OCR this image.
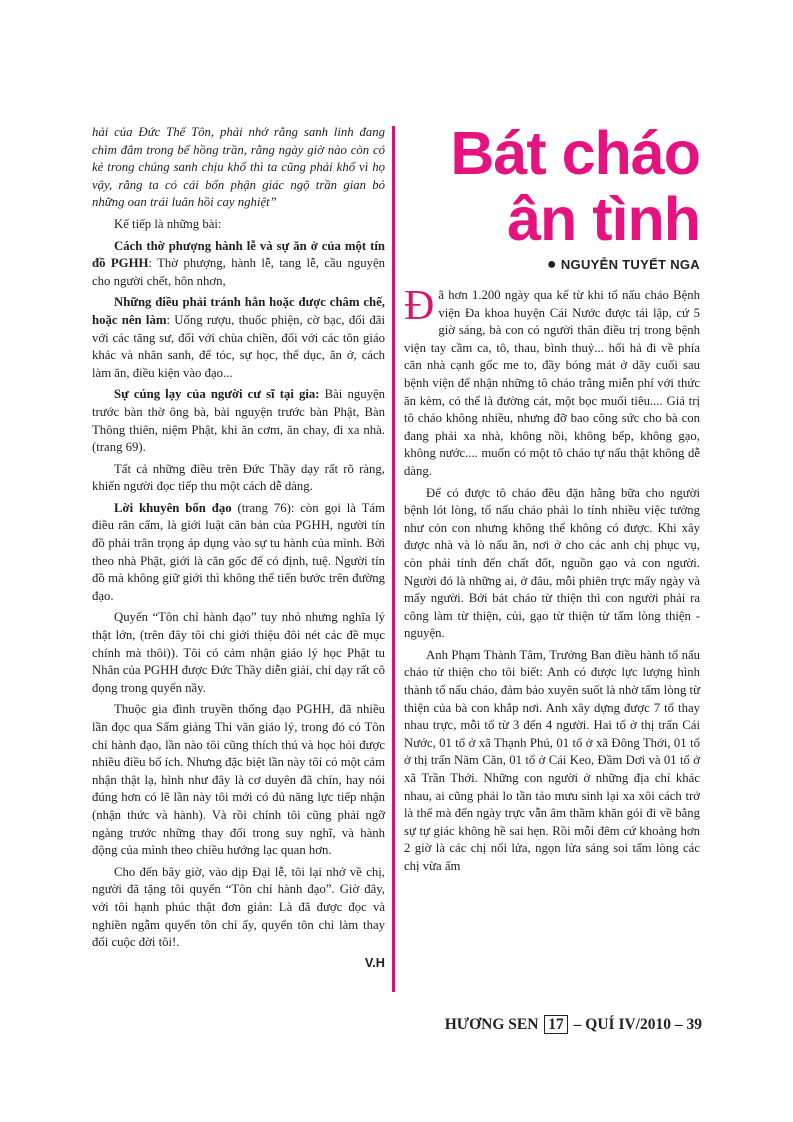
hải của Đức Thế Tôn, phải nhớ rằng sanh linh đang chìm đắm trong bể hồng trần, rằng ngày giờ nào còn có kẻ trong chúng sanh chịu khổ thì ta cũng phải khổ vì họ vậy, rằng ta có cái bổn phận giác ngộ trần gian bỏ những oan trái luân hồi cay nghiệt”

Kế tiếp là những bài:

Cách thờ phượng hành lễ và sự ăn ở của một tín đồ PGHH: Thờ phượng, hành lễ, tang lễ, cầu nguyện cho người chết, hôn nhơn,

Những điều phải tránh hẳn hoặc được châm chế, hoặc nên làm: Uống rượu, thuốc phiện, cờ bạc, đối đãi với các tăng sư, đối với chùa chiền, đối với các tôn giáo khác và nhân sanh, để tóc, sự học, thể dục, ăn ở, cách làm ăn, điều kiện vào đạo...

Sự cúng lạy của người cư sĩ tại gia: Bài nguyện trước bàn thờ ông bà, bài nguyện trước bàn Phật, Bàn Thông thiên, niệm Phật, khi ăn cơm, ăn chay, đi xa nhà. (trang 69).

Tất cả những điều trên Đức Thầy dạy rất rõ ràng, khiến người đọc tiếp thu một cách dễ dàng.

Lời khuyên bổn đạo (trang 76): còn gọi là Tám điều răn cấm, là giới luật căn bản của PGHH, người tín đồ phải trân trọng áp dụng vào sự tu hành của mình. Bởi theo nhà Phật, giới là căn gốc để có định, tuệ. Người tín đồ mà không giữ giới thì không thể tiến bước trên đường đạo.

Quyển “Tôn chỉ hành đạo” tuy nhỏ nhưng nghĩa lý thật lớn, (trên đây tôi chỉ giới thiệu đôi nét các đề mục chính mà thôi)). Tôi có cảm nhận giáo lý học Phật tu Nhân của PGHH được Đức Thầy diễn giải, chỉ dạy rất cô đọng trong quyển nầy.

Thuộc gia đình truyền thống đạo PGHH, đã nhiều lần đọc qua Sấm giảng Thi văn giáo lý, trong đó có Tôn chỉ hành đạo, lần nào tôi cũng thích thú và học hỏi được nhiều điều bổ ích. Nhưng đặc biệt lần này tôi có một cảm nhận thật lạ, hình như đây là cơ duyên đã chín, hay nói đúng hơn có lẽ lần này tôi mới có đủ năng lực tiếp nhận (nhận thức và hành). Và rồi chính tôi cũng phải ngỡ ngàng trước những thay đổi trong suy nghĩ, và hành động của mình theo chiều hướng lạc quan hơn.

Cho đến bây giờ, vào dịp Đại lễ, tôi lại nhớ về chị, người đã tặng tôi quyển “Tôn chỉ hành đạo”. Giờ đây, với tôi hạnh phúc thật đơn giản: Là đã được đọc và nghiền ngẫm quyển tôn chỉ ấy, quyển tôn chỉ làm thay đổi cuộc đời tôi!.

V.H

Bát cháo
ân tình
● NGUYỄN TUYẾT NGA

Đã hơn 1.200 ngày qua kể từ khi tổ nấu cháo Bệnh viện Đa khoa huyện Cái Nước được tái lập, cứ 5 giờ sáng, bà con có người thân điều trị trong bệnh viện tay cầm ca, tô, thau, bình thuỷ... hối hả đi về phía căn nhà cạnh gốc me to, đầy bóng mát ở dãy cuối sau bệnh viện để nhận những tô cháo trắng miễn phí với thức ăn kèm, có thể là đường cát, một bọc muối tiêu.... Giá trị tô cháo không nhiều, nhưng đỡ bao công sức cho bà con đang phải xa nhà, không nồi, không bếp, không gạo, không nước.... muốn có một tô cháo tự nấu thật không dễ dàng.

Để có được tô cháo đều đặn hằng bữa cho người bệnh lót lòng, tổ nấu cháo phải lo tính nhiều việc tưởng như cỏn con nhưng không thể không có được. Khi xây được nhà và lò nấu ăn, nơi ở cho các anh chị phục vụ, còn phải tính đến chất đốt, nguồn gạo và con người. Người đó là những ai, ở đâu, mỗi phiên trực mấy ngày và mấy người. Bởi bát cháo từ thiện thì con người phải ra công làm từ thiện, củi, gạo từ thiện từ tấm lòng thiện - nguyện.

Anh Phạm Thành Tâm, Trưởng Ban điều hành tổ nấu cháo từ thiện cho tôi biết: Anh có được lực lượng hình thành tổ nấu cháo, đảm bảo xuyên suốt là nhờ tấm lòng từ thiện của bà con khắp nơi. Anh xây dựng được 7 tổ thay nhau trực, mỗi tổ từ 3 đến 4 người. Hai tổ ở thị trấn Cái Nước, 01 tổ ở xã Thạnh Phú, 01 tổ ở xã Đông Thới, 01 tổ ở thị trấn Năm Căn, 01 tổ ở Cái Keo, Đầm Dơi và 01 tổ ở xã Trần Thới. Những con người ở những địa chỉ khác nhau, ai cũng phải lo tần tảo mưu sinh lại xa xôi cách trở là thế mà đến ngày trực vẫn âm thầm khăn gói đi về bằng sự tự giác không hề sai hẹn. Rồi mỗi đêm cứ khoảng hơn 2 giờ là các chị nổi lửa, ngọn lửa sáng soi tấm lòng các chị vừa ấm

HƯƠNG SEN 17 – QUÍ IV/2010 – 39
